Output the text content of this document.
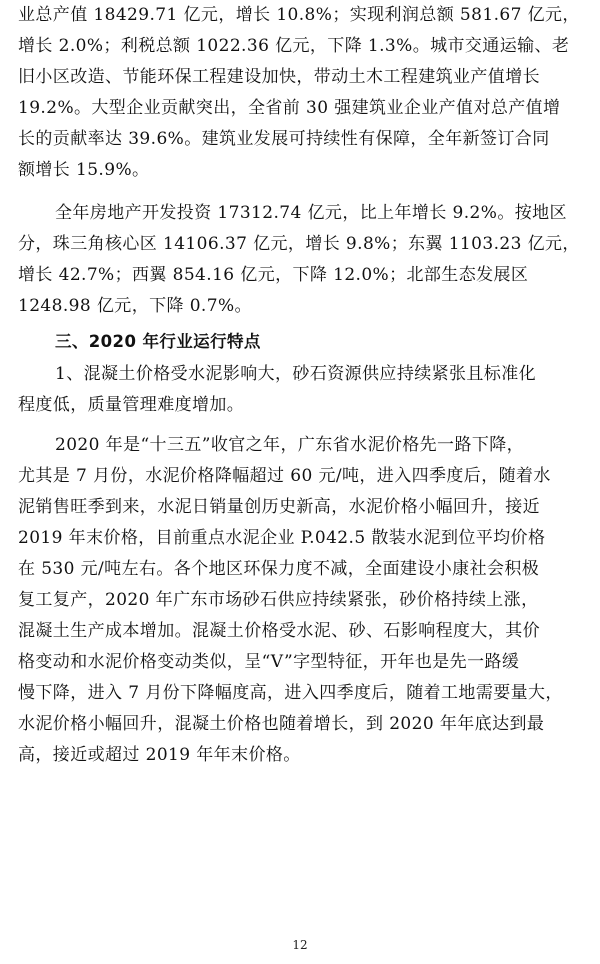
业总产值 18429.71 亿元，增长 10.8%；实现利润总额 581.67 亿元，
增长 2.0%；利税总额 1022.36 亿元，下降 1.3%。城市交通运输、老
旧小区改造、节能环保工程建设加快，带动土木工程建筑业产值增长
19.2%。大型企业贡献突出，全省前 30 强建筑业企业产值对总产值增
长的贡献率达 39.6%。建筑业发展可持续性有保障，全年新签订合同
额增长 15.9%。
全年房地产开发投资 17312.74 亿元，比上年增长 9.2%。按地区
分，珠三角核心区 14106.37 亿元，增长 9.8%；东翼 1103.23 亿元，
增长 42.7%；西翼 854.16 亿元，下降 12.0%；北部生态发展区
1248.98 亿元，下降 0.7%。
三、2020 年行业运行特点
1、混凝土价格受水泥影响大，砂石资源供应持续紧张且标准化
程度低，质量管理难度增加。
2020 年是“十三五”收官之年，广东省水泥价格先一路下降，
尤其是 7 月份，水泥价格降幅超过 60 元/吨，进入四季度后，随着水
泥销售旺季到来，水泥日销量创历史新高，水泥价格小幅回升，接近
2019 年末价格，目前重点水泥企业 P.042.5 散装水泥到位平均价格
在 530 元/吨左右。各个地区环保力度不减，全面建设小康社会积极
复工复产，2020 年广东市场砂石供应持续紧张，砂价格持续上涨，
混凝土生产成本增加。混凝土价格受水泥、砂、石影响程度大，其价
格变动和水泥价格变动类似，呈“V”字型特征，开年也是先一路缓
慢下降，进入 7 月份下降幅度高，进入四季度后，随着工地需要量大，
水泥价格小幅回升，混凝土价格也随着增长，到 2020 年年底达到最
高，接近或超过 2019 年年末价格。
12
